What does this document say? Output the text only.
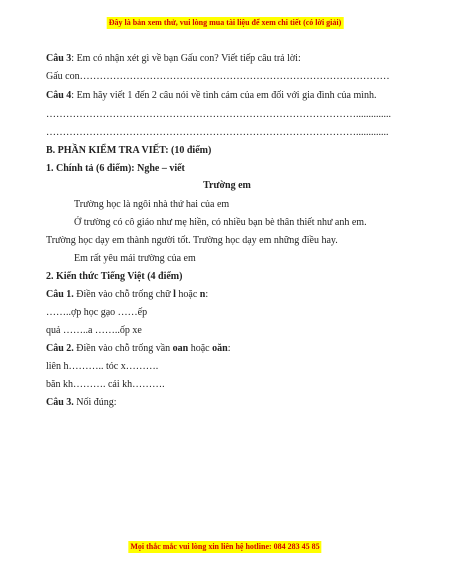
Đây là bản xem thử, vui lòng mua tài liệu để xem chi tiết (có lời giải)
Câu 3: Em có nhận xét gì về bạn Gấu con? Viết tiếp câu trả lời:
Gấu con…………………………………………………………………………………
Câu 4: Em hãy viết 1 đến 2 câu nói về tình cảm của em đối với gia đình của mình.
…………………………………………………………………………………..............
………………………………………………………………………………….............
B. PHẦN KIỂM TRA VIẾT: (10 điểm)
1. Chính tả (6 điểm): Nghe – viết
Trường em
Trường học là ngôi nhà thứ hai của em
Ở trường có cô giáo như mẹ hiền, có nhiều bạn bè thân thiết như anh em.
Trường học dạy em thành người tốt. Trường học dạy em những điều hay.
Em rất yêu mái trường của em
2. Kiến thức Tiếng Việt (4 điểm)
Câu 1. Điền vào chỗ trống chữ l hoặc n:
……..ợp học gạo ……ếp
quả ……..a ……..ốp xe
Câu 2. Điền vào chỗ trống vần oan hoặc oăn:
liên h……….. tóc x……….
băn kh………. cái kh……….
Câu 3. Nối đúng:
Mọi thắc mắc vui lòng xin liên hệ hotline: 084 283 45 85
